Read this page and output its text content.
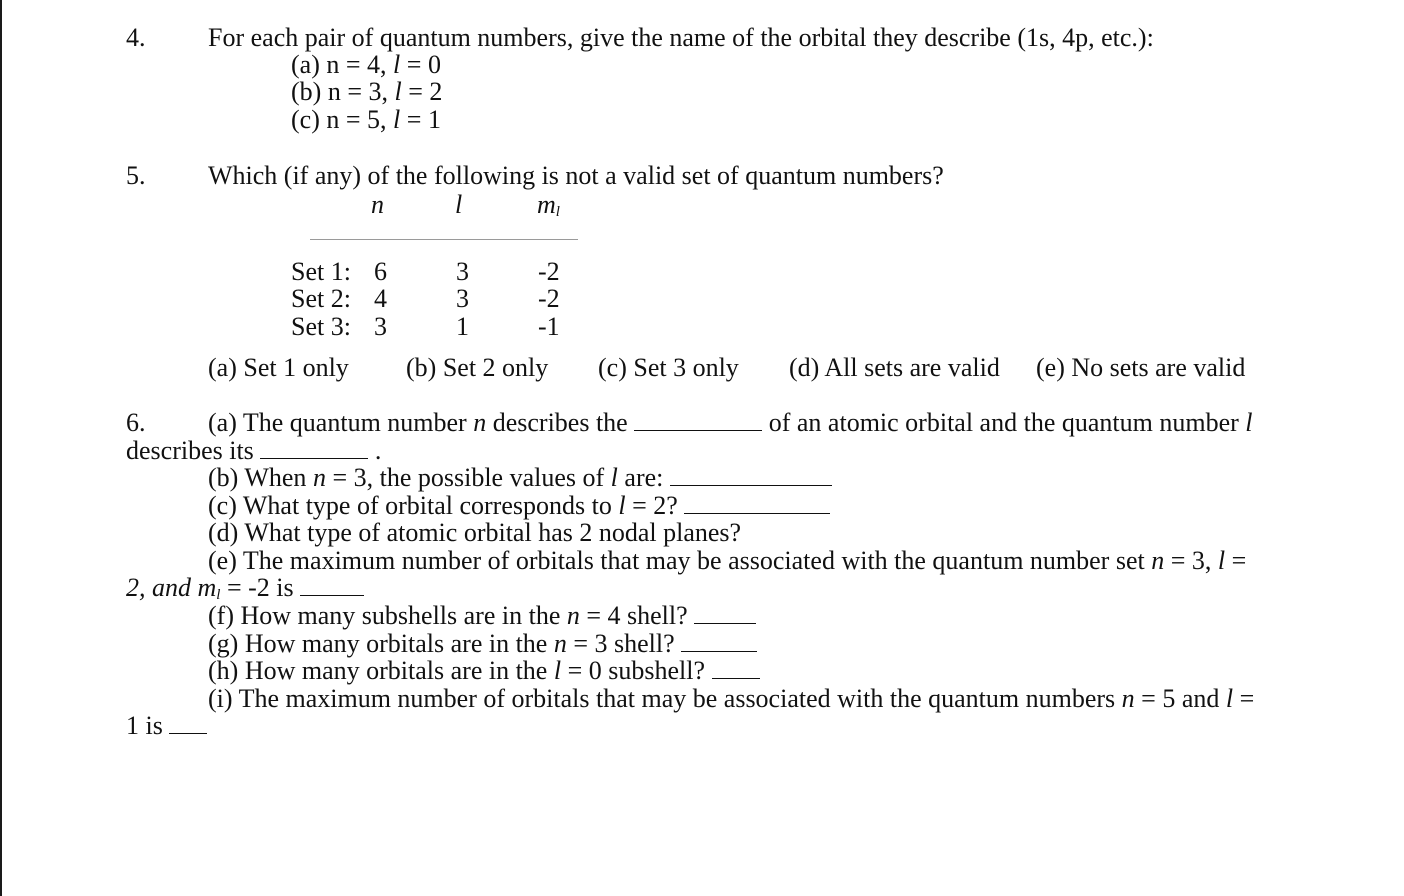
4. For each pair of quantum numbers, give the name of the orbital they describe (1s, 4p, etc.):
(a) n = 4, l = 0
(b) n = 3, l = 2
(c) n = 5, l = 1
5. Which (if any) of the following is not a valid set of quantum numbers?
n	l	$m_l$
Set 1: 6	3	-2
Set 2: 4	3	-2
Set 3: 3	1	-1
(a) Set 1 only (b) Set 2 only (c) Set 3 only (d) All sets are valid (e) No sets are valid
6. (a) The quantum number n describes the	of an atomic orbital and the quantum number l
describes its	.
(b) When n = 3, the possible values of l are:
(c) What type of orbital corresponds to l = 2?
(d) What type of atomic orbital has 2 nodal planes?
(e) The maximum number of orbitals that may be associated with the quantum number set n = 3, l =
2, and $m_l = -2$ is
(f) How many subshells are in the n = 4 shell?
(g) How many orbitals are in the n = 3 shell?
(h) How many orbitals are in the l = 0 subshell?
(i) The maximum number of orbitals that may be associated with the quantum numbers n = 5 and l =
1 is
